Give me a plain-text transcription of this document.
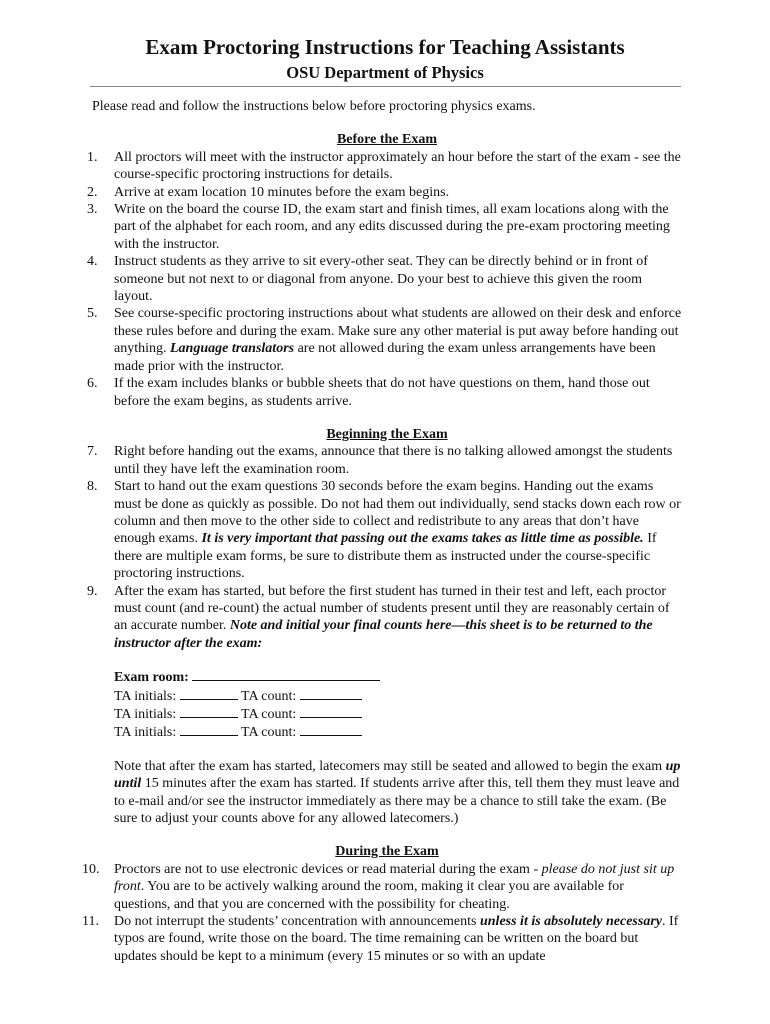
Exam Proctoring Instructions for Teaching Assistants
OSU Department of Physics

Please read and follow the instructions below before proctoring physics exams.

Before the Exam
1.	All proctors will meet with the instructor approximately an hour before the start of the exam - see the course-specific proctoring instructions for details.
2.	Arrive at exam location 10 minutes before the exam begins.
3.	Write on the board the course ID, the exam start and finish times, all exam locations along with the part of the alphabet for each room, and any edits discussed during the pre-exam proctoring meeting with the instructor.
4.	Instruct students as they arrive to sit every-other seat. They can be directly behind or in front of someone but not next to or diagonal from anyone. Do your best to achieve this given the room layout.
5.	See course-specific proctoring instructions about what students are allowed on their desk and enforce these rules before and during the exam. Make sure any other material is put away before handing out anything. Language translators are not allowed during the exam unless arrangements have been made prior with the instructor.
6.	If the exam includes blanks or bubble sheets that do not have questions on them, hand those out before the exam begins, as students arrive.
Beginning the Exam
7.	Right before handing out the exams, announce that there is no talking allowed amongst the students until they have left the examination room.
8.	Start to hand out the exam questions 30 seconds before the exam begins. Handing out the exams must be done as quickly as possible. Do not had them out individually, send stacks down each row or column and then move to the other side to collect and redistribute to any areas that don’t have enough exams. It is very important that passing out the exams takes as little time as possible. If there are multiple exam forms, be sure to distribute them as instructed under the course-specific proctoring instructions.
9.	After the exam has started, but before the first student has turned in their test and left, each proctor must count (and re-count) the actual number of students present until they are reasonably certain of an accurate number. Note and initial your final counts here—this sheet is to be returned to the instructor after the exam:
Exam room:
TA initials:	TA count:
TA initials:	TA count:
TA initials:	TA count:

Note that after the exam has started, latecomers may still be seated and allowed to begin the exam up until 15 minutes after the exam has started. If students arrive after this, tell them they must leave and to e-mail and/or see the instructor immediately as there may be a chance to still take the exam. (Be sure to adjust your counts above for any allowed latecomers.)

During the Exam
10.	Proctors are not to use electronic devices or read material during the exam - please do not just sit up front. You are to be actively walking around the room, making it clear you are available for questions, and that you are concerned with the possibility for cheating.
11.	Do not interrupt the students’ concentration with announcements unless it is absolutely necessary. If typos are found, write those on the board. The time remaining can be written on the board but updates should be kept to a minimum (every 15 minutes or so with an update
